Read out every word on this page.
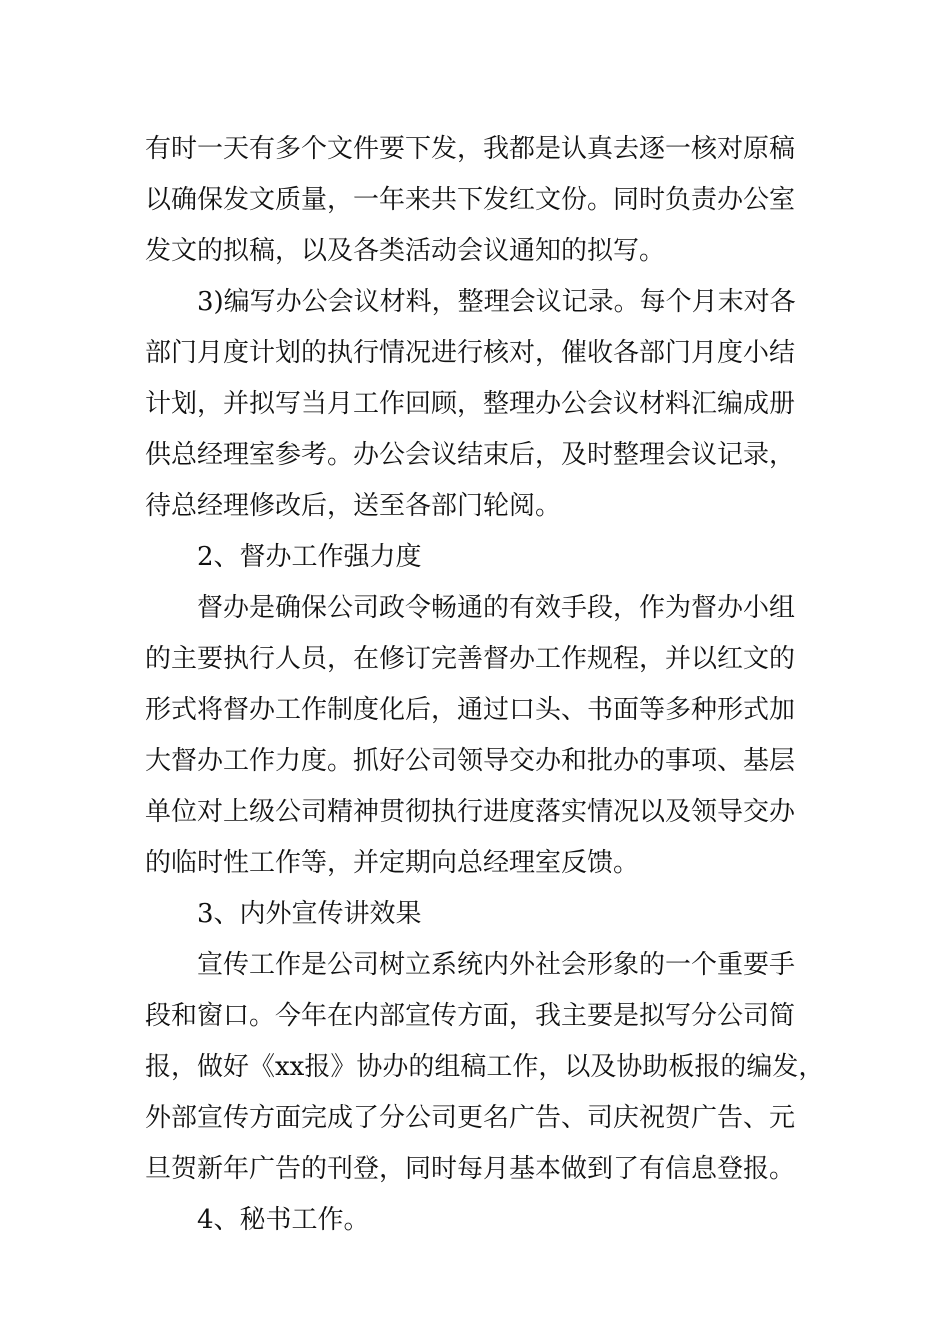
有时一天有多个文件要下发，我都是认真去逐一核对原稿
以确保发文质量，一年来共下发红文份。同时负责办公室
发文的拟稿，以及各类活动会议通知的拟写。
3)编写办公会议材料，整理会议记录。每个月末对各
部门月度计划的执行情况进行核对，催收各部门月度小结
计划，并拟写当月工作回顾，整理办公会议材料汇编成册
供总经理室参考。办公会议结束后，及时整理会议记录，
待总经理修改后，送至各部门轮阅。
2、督办工作强力度
督办是确保公司政令畅通的有效手段，作为督办小组
的主要执行人员，在修订完善督办工作规程，并以红文的
形式将督办工作制度化后，通过口头、书面等多种形式加
大督办工作力度。抓好公司领导交办和批办的事项、基层
单位对上级公司精神贯彻执行进度落实情况以及领导交办
的临时性工作等，并定期向总经理室反馈。
3、内外宣传讲效果
宣传工作是公司树立系统内外社会形象的一个重要手
段和窗口。今年在内部宣传方面，我主要是拟写分公司简
报，做好《xx报》协办的组稿工作，以及协助板报的编发，
外部宣传方面完成了分公司更名广告、司庆祝贺广告、元
旦贺新年广告的刊登，同时每月基本做到了有信息登报。
4、秘书工作。
